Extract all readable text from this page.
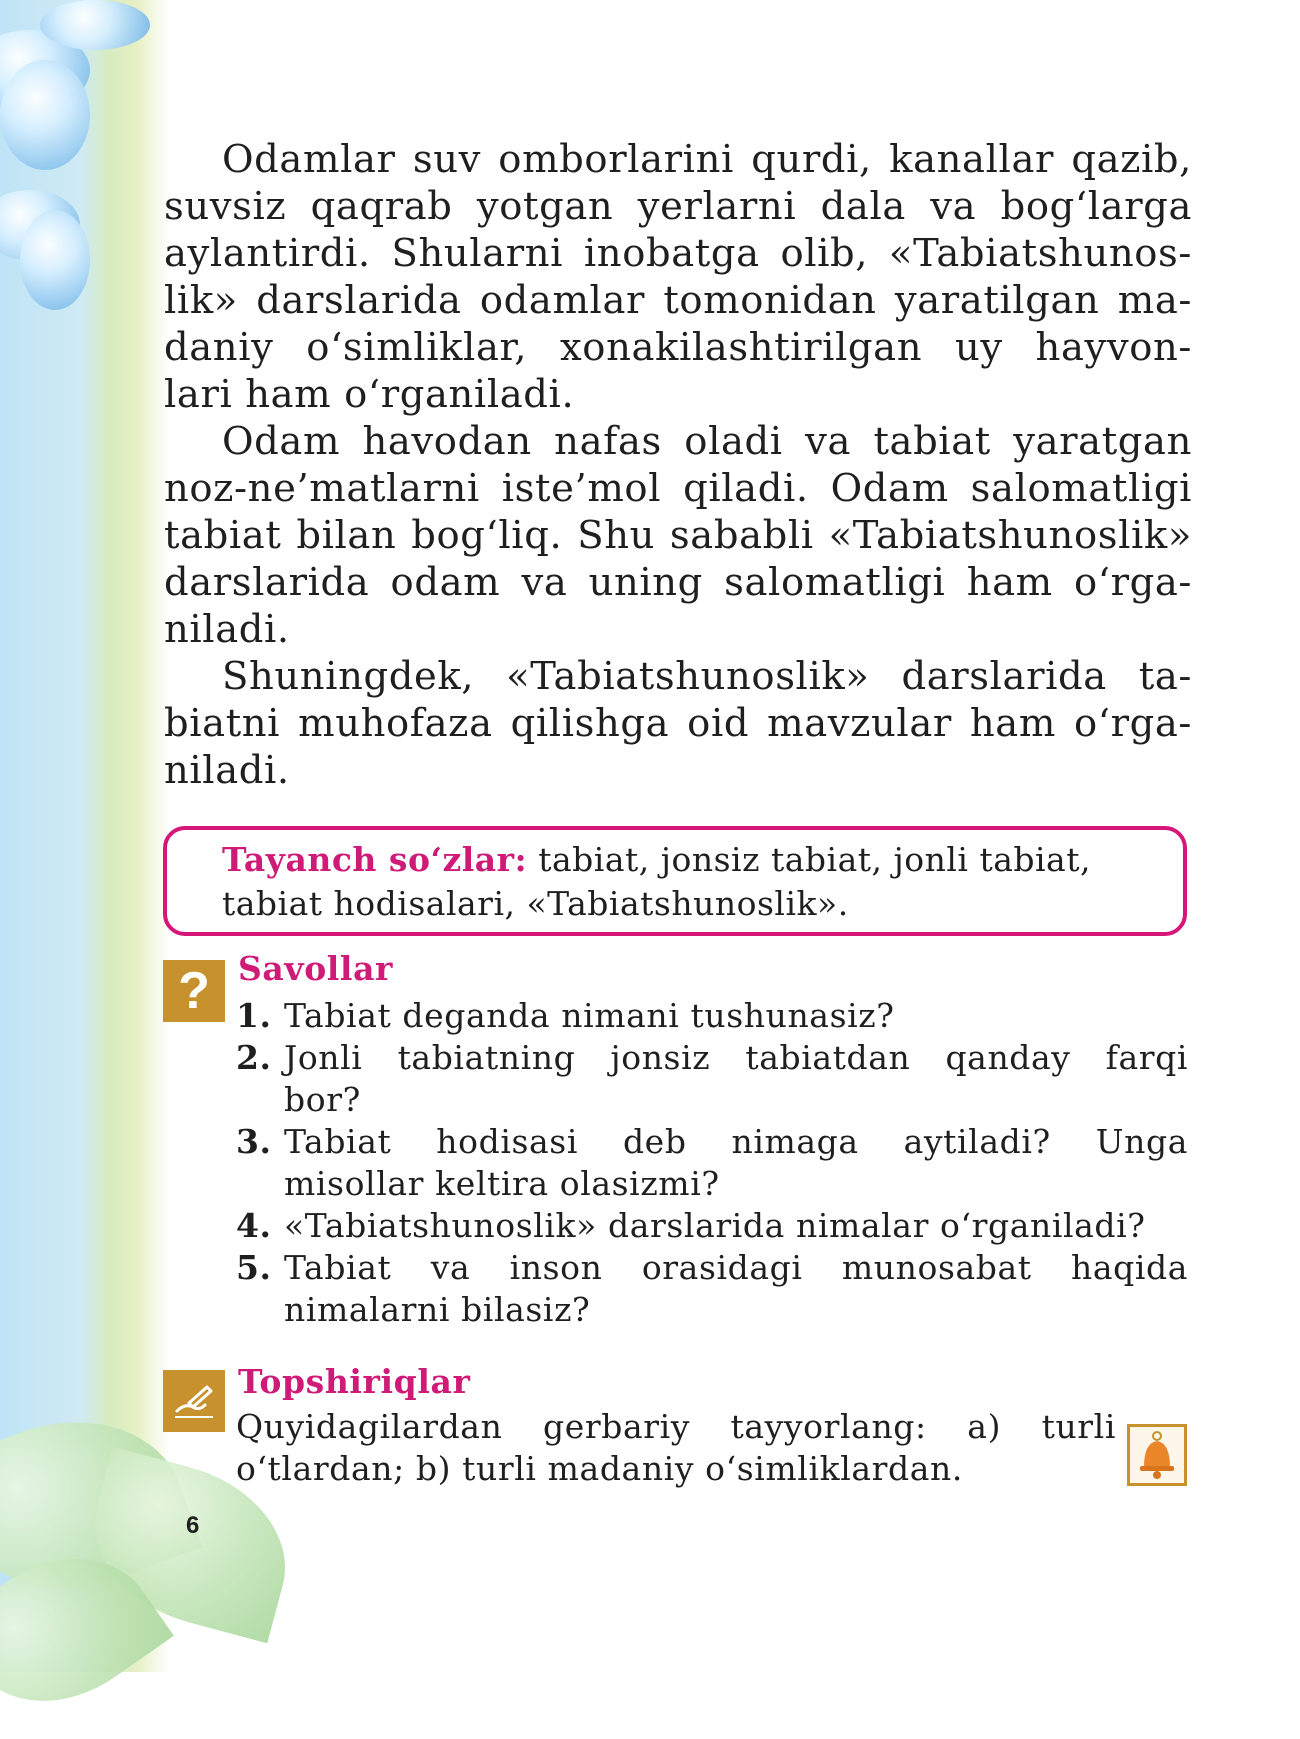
Odamlar suv omborlarini qurdi, kanallar qazib,
suvsiz qaqrab yotgan yerlarni dala va bog‘larga
aylantirdi. Shularni inobatga olib, «Tabiatshunos-
lik» darslarida odamlar tomonidan yaratilgan ma-
daniy o‘simliklar, xonakilashtirilgan uy hayvon-
lari ham o‘rganiladi.
Odam havodan nafas oladi va tabiat yaratgan
noz-ne’matlarni iste’mol qiladi. Odam salomatligi
tabiat bilan bog‘liq. Shu sababli «Tabiatshunoslik»
darslarida odam va uning salomatligi ham o‘rga-
niladi.
Shuningdek, «Tabiatshunoslik» darslarida ta-
biatni muhofaza qilishga oid mavzular ham o‘rga-
niladi.
Tayanch so‘zlar: tabiat, jonsiz tabiat, jonli tabiat,
tabiat hodisalari, «Tabiatshunoslik».
? Savollar
1. Tabiat deganda nimani tushunasiz?
2. Jonli tabiatning jonsiz tabiatdan qanday farqi
bor?
3. Tabiat hodisasi deb nimaga aytiladi? Unga
misollar keltira olasizmi?
4. «Tabiatshunoslik» darslarida nimalar o‘rganiladi?
5. Tabiat va inson orasidagi munosabat haqida
nimalarni bilasiz?
Topshiriqlar
Quyidagilardan gerbariy tayyorlang: a) turli
o‘tlardan; b) turli madaniy o‘simliklardan.
6
